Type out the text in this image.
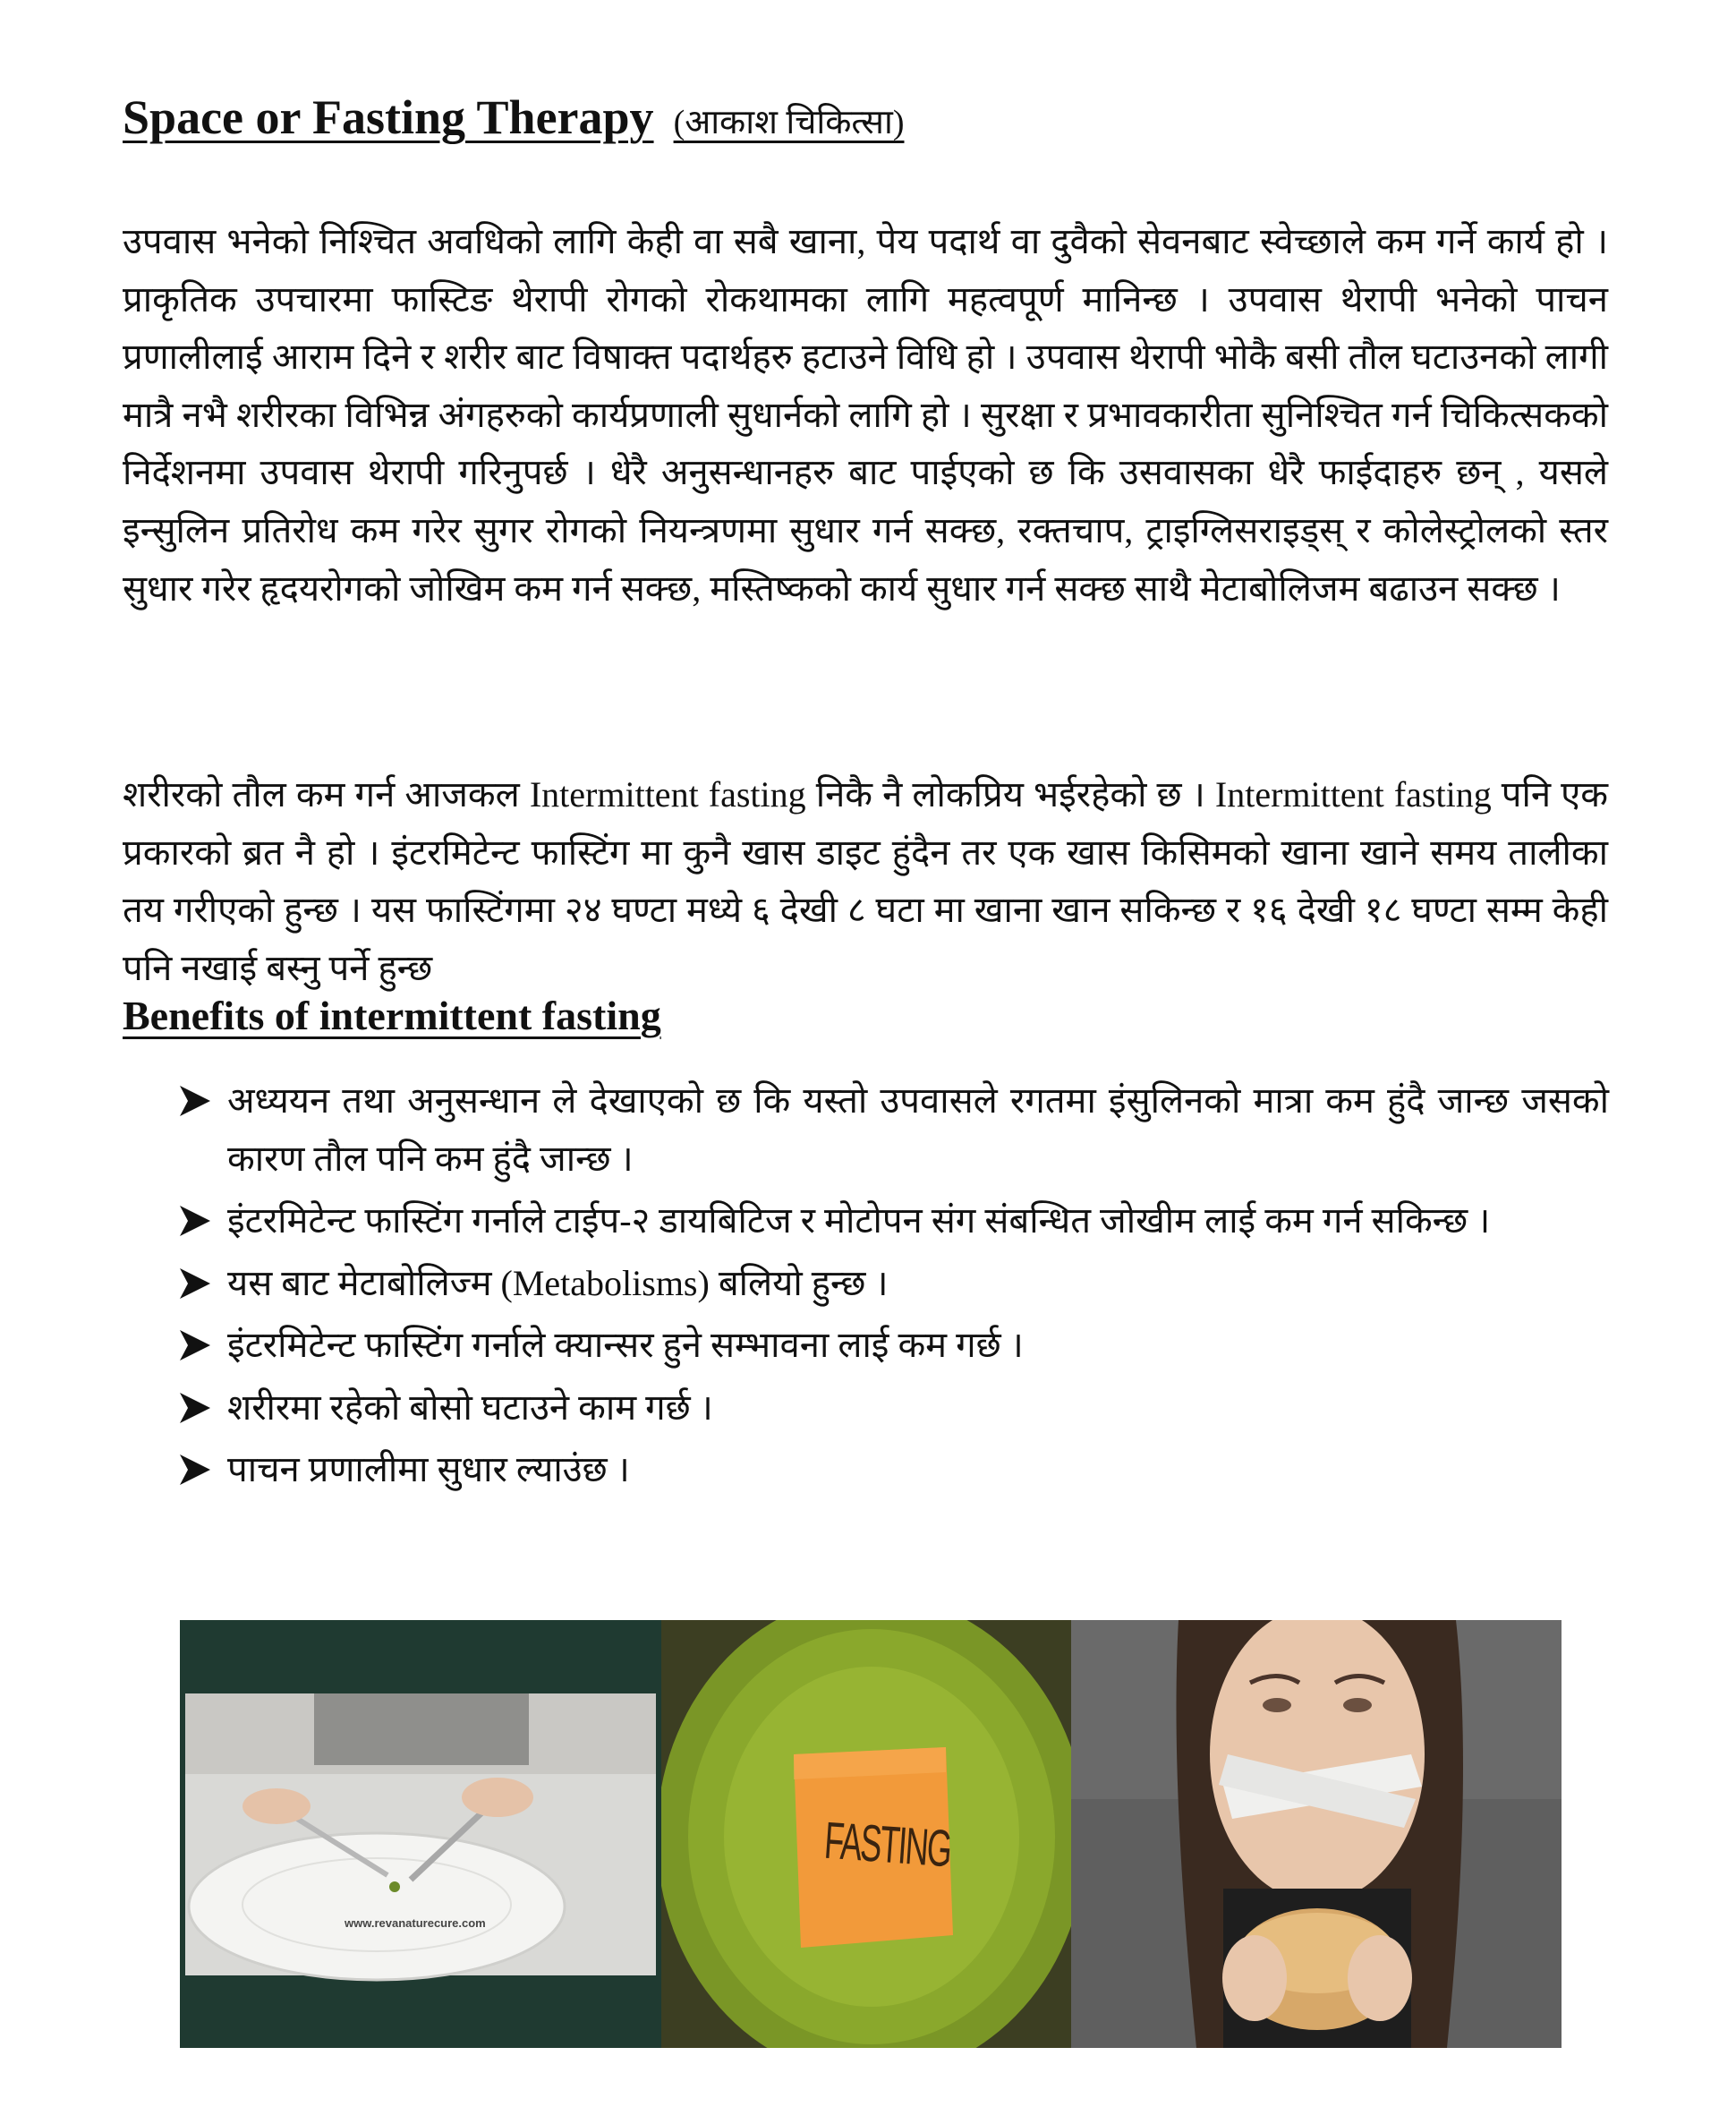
Space or Fasting Therapy (आकाश चिकित्सा)

उपवास भनेको निश्चित अवधिको लागि केही वा सबै खाना, पेय पदार्थ वा दुवैको सेवनबाट स्वेच्छाले कम गर्ने कार्य हो । प्राकृतिक उपचारमा फास्टिङ थेरापी रोगको रोकथामका लागि महत्वपूर्ण मानिन्छ । उपवास थेरापी भनेको पाचन प्रणालीलाई आराम दिने र शरीर बाट विषाक्त पदार्थहरु हटाउने विधि हो । उपवास थेरापी भोकै बसी तौल घटाउनको लागी मात्रै नभै शरीरका विभिन्न अंगहरुको कार्यप्रणाली सुधार्नको लागि हो । सुरक्षा र प्रभावकारीता सुनिश्चित गर्न चिकित्सकको निर्देशनमा उपवास थेरापी गरिनुपर्छ । धेरै अनुसन्धानहरु बाट पाईएको छ कि उसवासका धेरै फाईदाहरु छन् , यसले इन्सुलिन प्रतिरोध कम गरेर सुगर रोगको नियन्त्रणमा सुधार गर्न सक्छ, रक्तचाप, ट्राइग्लिसराइड्स् र कोलेस्ट्रोलको स्तर सुधार गरेर हृदयरोगको जोखिम कम गर्न सक्छ, मस्तिष्कको कार्य सुधार गर्न सक्छ साथै मेटाबोलिजम बढाउन सक्छ ।

शरीरको तौल कम गर्न आजकल Intermittent fasting निकै नै लोकप्रिय भईरहेको छ । Intermittent fasting पनि एक प्रकारको ब्रत नै हो । इंटरमिटेन्ट फास्टिंग मा कुनै खास डाइट हुंदैन तर एक खास किसिमको खाना खाने समय तालीका तय गरीएको हुन्छ । यस फास्टिंगमा २४ घण्टा मध्ये ६ देखी ८ घटा मा खाना खान सकिन्छ र १६ देखी १८ घण्टा सम्म केही पनि नखाई बस्नु पर्ने हुन्छ

Benefits of intermittent fasting
अध्ययन तथा अनुसन्धान ले देखाएको छ कि यस्तो उपवासले रगतमा इंसुलिनको मात्रा कम हुंदै जान्छ जसको कारण तौल पनि कम हुंदै जान्छ ।
इंटरमिटेन्ट फास्टिंग गर्नाले टाईप-२ डायबिटिज र मोटोपन संग संबन्धित जोखीम लाई कम गर्न सकिन्छ ।
यस बाट मेटाबोलिज्म (Metabolisms) बलियो हुन्छ ।
इंटरमिटेन्ट फास्टिंग गर्नाले क्यान्सर हुने सम्भावना लाई कम गर्छ ।
शरीरमा रहेको बोसो घटाउने काम गर्छ ।
पाचन प्रणालीमा सुधार ल्याउंछ ।
www.revanaturecure.com
FASTING
